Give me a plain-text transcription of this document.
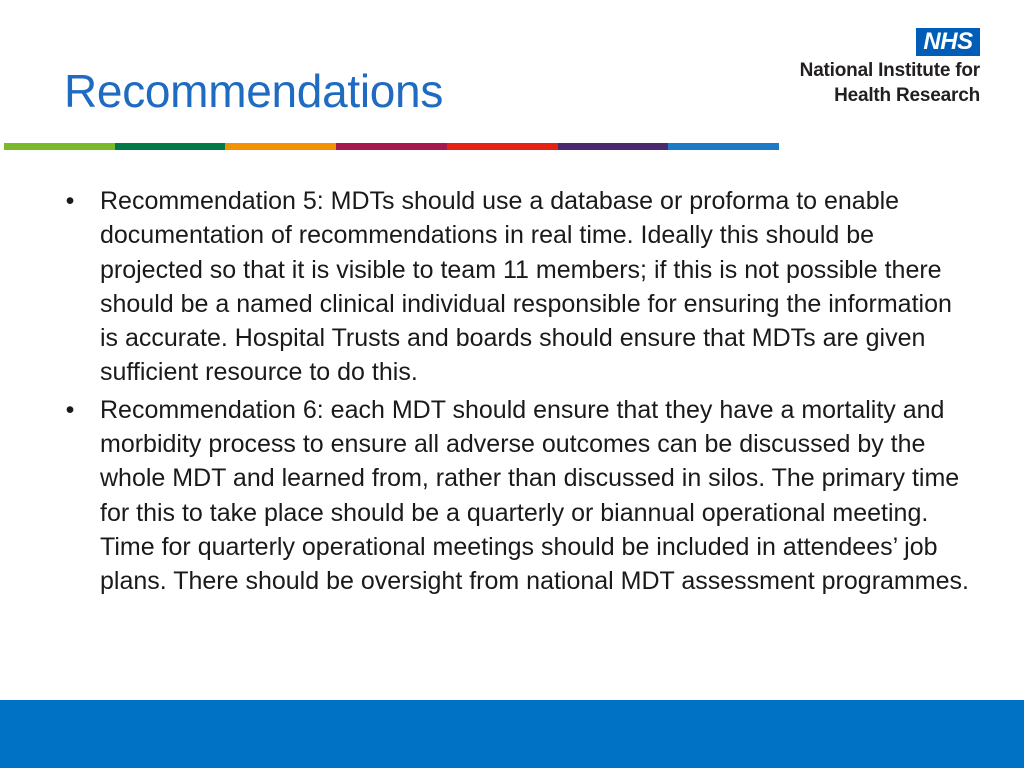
Recommendations
NHS

National Institute for

Health Research

• Recommendation 5: MDTs should use a database or proforma to enable documentation of recommendations in real time. Ideally this should be projected so that it is visible to team 11 members; if this is not possible there should be a named clinical individual responsible for ensuring the information is accurate. Hospital Trusts and boards should ensure that MDTs are given sufficient resource to do this.
• Recommendation 6: each MDT should ensure that they have a mortality and morbidity process to ensure all adverse outcomes can be discussed by the whole MDT and learned from, rather than discussed in silos. The primary time for this to take place should be a quarterly or biannual operational meeting. Time for quarterly operational meetings should be included in attendees’ job plans. There should be oversight from national MDT assessment programmes.
